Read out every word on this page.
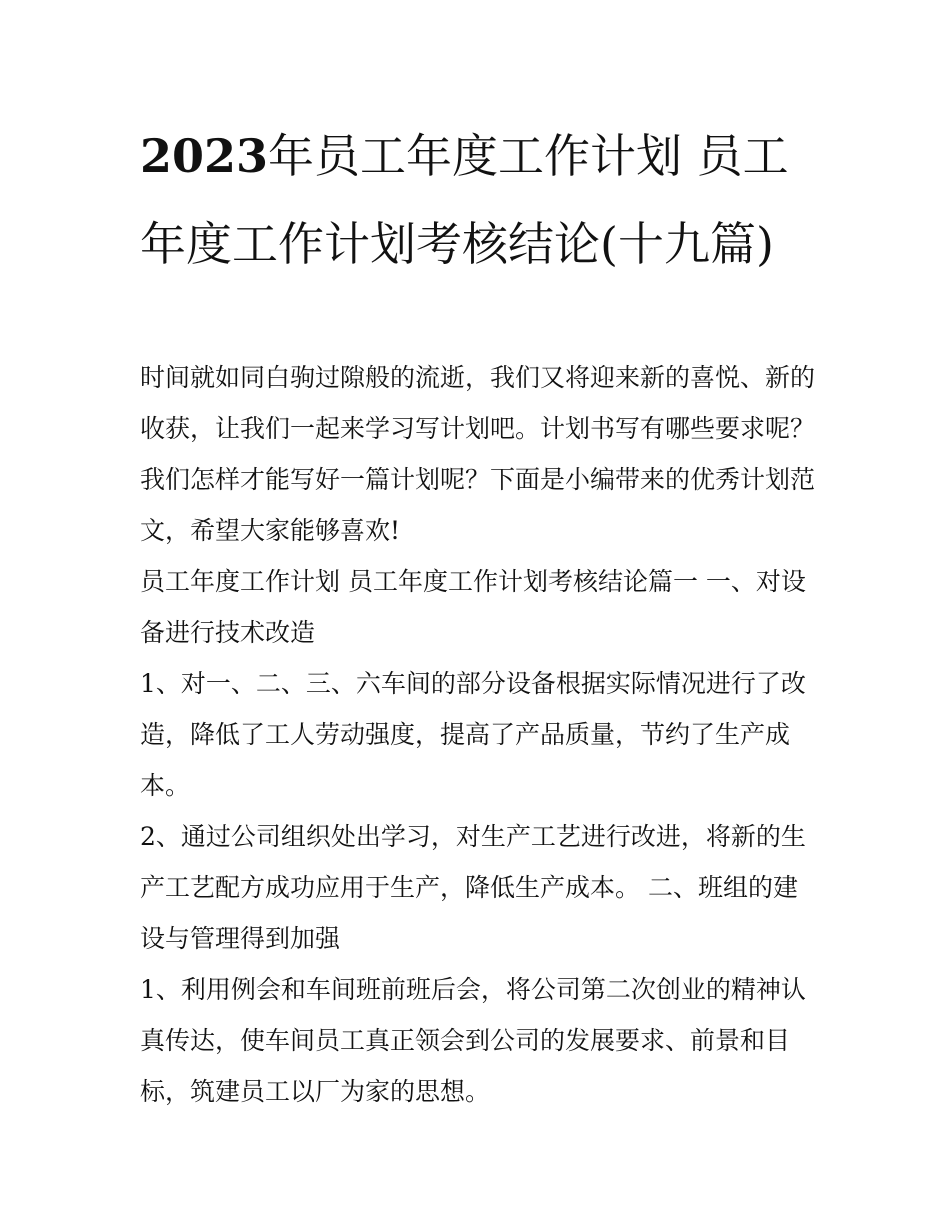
2023年员工年度工作计划 员工年度工作计划考核结论(十九篇)

时间就如同白驹过隙般的流逝，我们又将迎来新的喜悦、新的收获，让我们一起来学习写计划吧。计划书写有哪些要求呢？我们怎样才能写好一篇计划呢？下面是小编带来的优秀计划范文，希望大家能够喜欢!

员工年度工作计划 员工年度工作计划考核结论篇一 一、对设备进行技术改造

1、对一、二、三、六车间的部分设备根据实际情况进行了改造，降低了工人劳动强度，提高了产品质量，节约了生产成本。

2、通过公司组织处出学习，对生产工艺进行改进，将新的生产工艺配方成功应用于生产，降低生产成本。 二、班组的建设与管理得到加强

1、利用例会和车间班前班后会，将公司第二次创业的精神认真传达，使车间员工真正领会到公司的发展要求、前景和目标，筑建员工以厂为家的思想。
